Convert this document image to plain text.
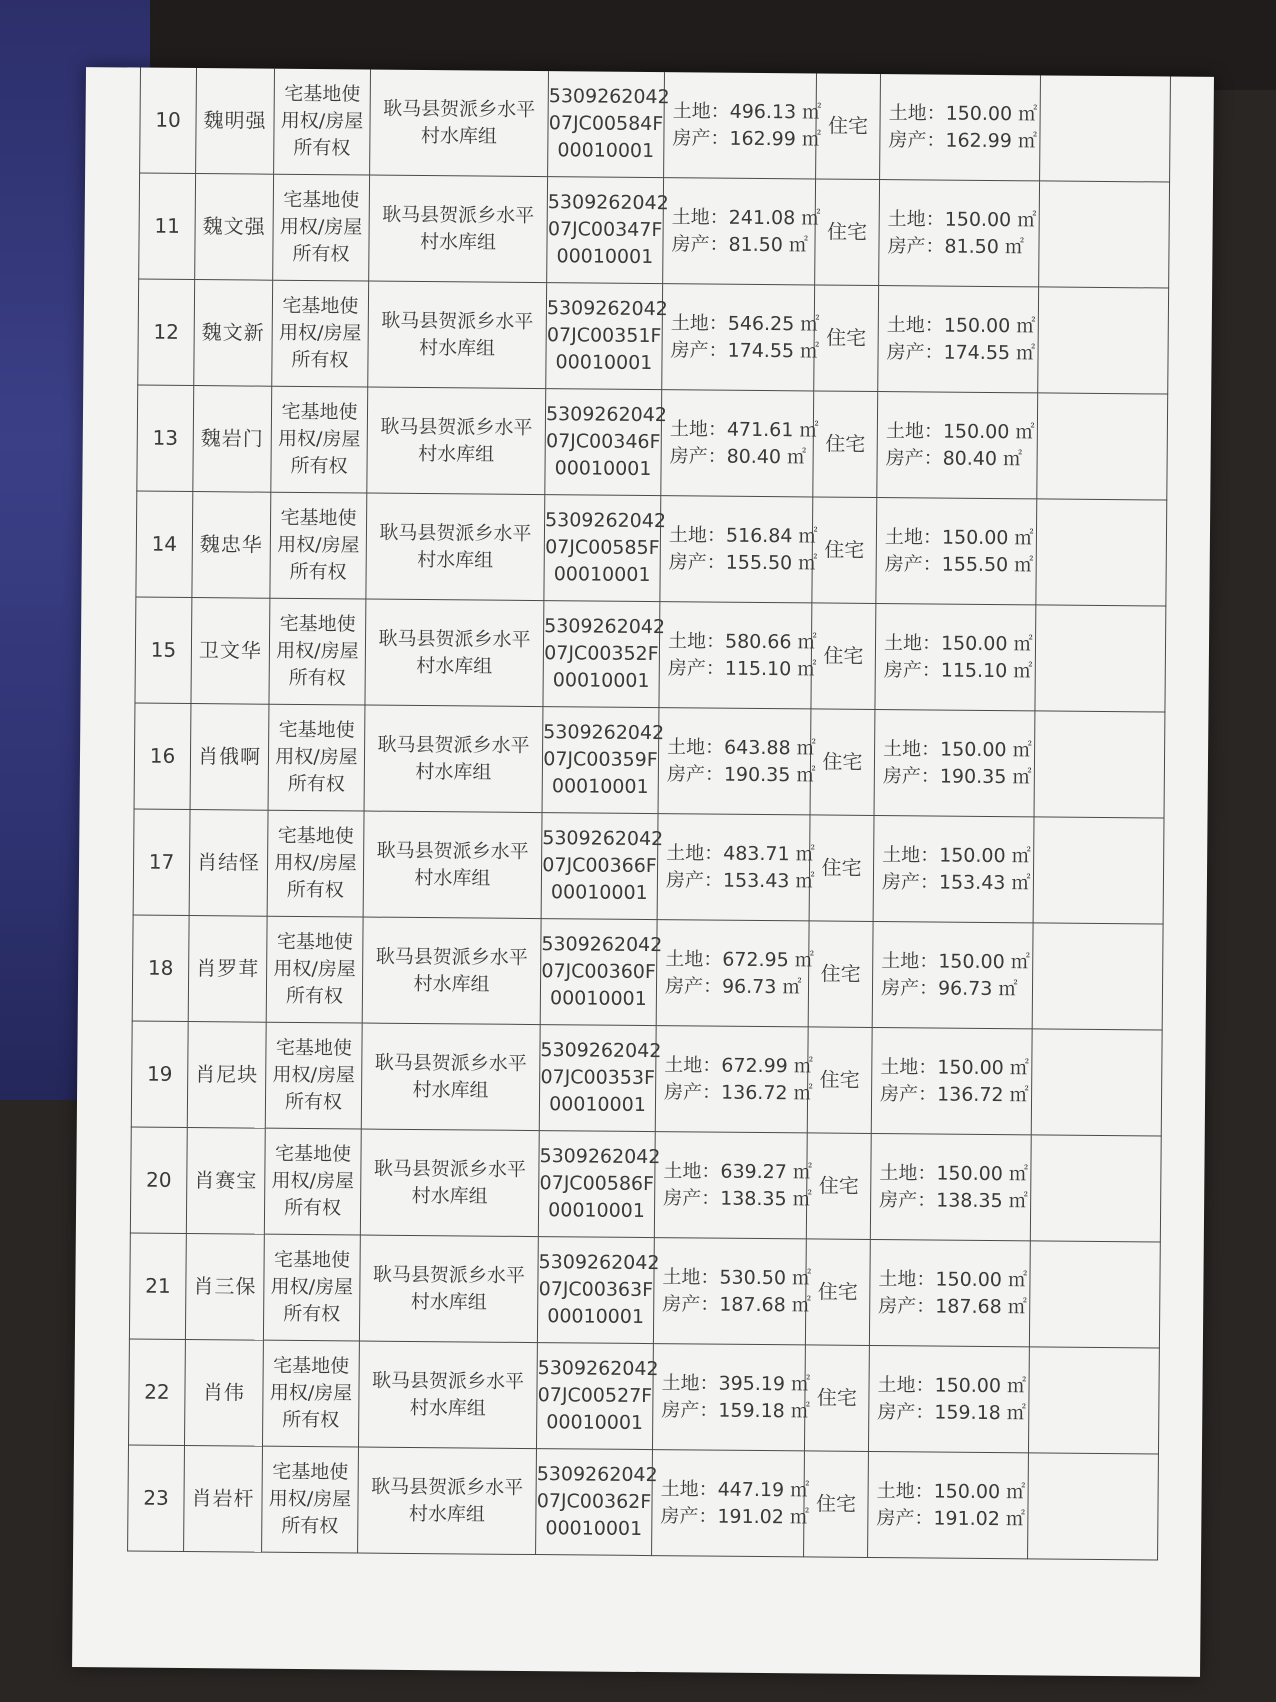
10	魏明强	宅基地使
用权/房屋
所有权	耿马县贺派乡水平
村水库组	5309262042
07JC00584F
00010001	土地：496.13 ㎡
房产：162.99 ㎡	住宅	土地：150.00 ㎡
房产：162.99 ㎡	

11	魏文强	宅基地使
用权/房屋
所有权	耿马县贺派乡水平
村水库组	5309262042
07JC00347F
00010001	土地：241.08 ㎡
房产：81.50 ㎡	住宅	土地：150.00 ㎡
房产：81.50 ㎡	

12	魏文新	宅基地使
用权/房屋
所有权	耿马县贺派乡水平
村水库组	5309262042
07JC00351F
00010001	土地：546.25 ㎡
房产：174.55 ㎡	住宅	土地：150.00 ㎡
房产：174.55 ㎡	

13	魏岩门	宅基地使
用权/房屋
所有权	耿马县贺派乡水平
村水库组	5309262042
07JC00346F
00010001	土地：471.61 ㎡
房产：80.40 ㎡	住宅	土地：150.00 ㎡
房产：80.40 ㎡	

14	魏忠华	宅基地使
用权/房屋
所有权	耿马县贺派乡水平
村水库组	5309262042
07JC00585F
00010001	土地：516.84 ㎡
房产：155.50 ㎡	住宅	土地：150.00 ㎡
房产：155.50 ㎡	

15	卫文华	宅基地使
用权/房屋
所有权	耿马县贺派乡水平
村水库组	5309262042
07JC00352F
00010001	土地：580.66 ㎡
房产：115.10 ㎡	住宅	土地：150.00 ㎡
房产：115.10 ㎡	

16	肖俄啊	宅基地使
用权/房屋
所有权	耿马县贺派乡水平
村水库组	5309262042
07JC00359F
00010001	土地：643.88 ㎡
房产：190.35 ㎡	住宅	土地：150.00 ㎡
房产：190.35 ㎡	

17	肖结怪	宅基地使
用权/房屋
所有权	耿马县贺派乡水平
村水库组	5309262042
07JC00366F
00010001	土地：483.71 ㎡
房产：153.43 ㎡	住宅	土地：150.00 ㎡
房产：153.43 ㎡	

18	肖罗茸	宅基地使
用权/房屋
所有权	耿马县贺派乡水平
村水库组	5309262042
07JC00360F
00010001	土地：672.95 ㎡
房产：96.73 ㎡	住宅	土地：150.00 ㎡
房产：96.73 ㎡	

19	肖尼块	宅基地使
用权/房屋
所有权	耿马县贺派乡水平
村水库组	5309262042
07JC00353F
00010001	土地：672.99 ㎡
房产：136.72 ㎡	住宅	土地：150.00 ㎡
房产：136.72 ㎡	

20	肖赛宝	宅基地使
用权/房屋
所有权	耿马县贺派乡水平
村水库组	5309262042
07JC00586F
00010001	土地：639.27 ㎡
房产：138.35 ㎡	住宅	土地：150.00 ㎡
房产：138.35 ㎡	

21	肖三保	宅基地使
用权/房屋
所有权	耿马县贺派乡水平
村水库组	5309262042
07JC00363F
00010001	土地：530.50 ㎡
房产：187.68 ㎡	住宅	土地：150.00 ㎡
房产：187.68 ㎡	

22	肖伟	宅基地使
用权/房屋
所有权	耿马县贺派乡水平
村水库组	5309262042
07JC00527F
00010001	土地：395.19 ㎡
房产：159.18 ㎡	住宅	土地：150.00 ㎡
房产：159.18 ㎡	

23	肖岩杆	宅基地使
用权/房屋
所有权	耿马县贺派乡水平
村水库组	5309262042
07JC00362F
00010001	土地：447.19 ㎡
房产：191.02 ㎡	住宅	土地：150.00 ㎡
房产：191.02 ㎡	
